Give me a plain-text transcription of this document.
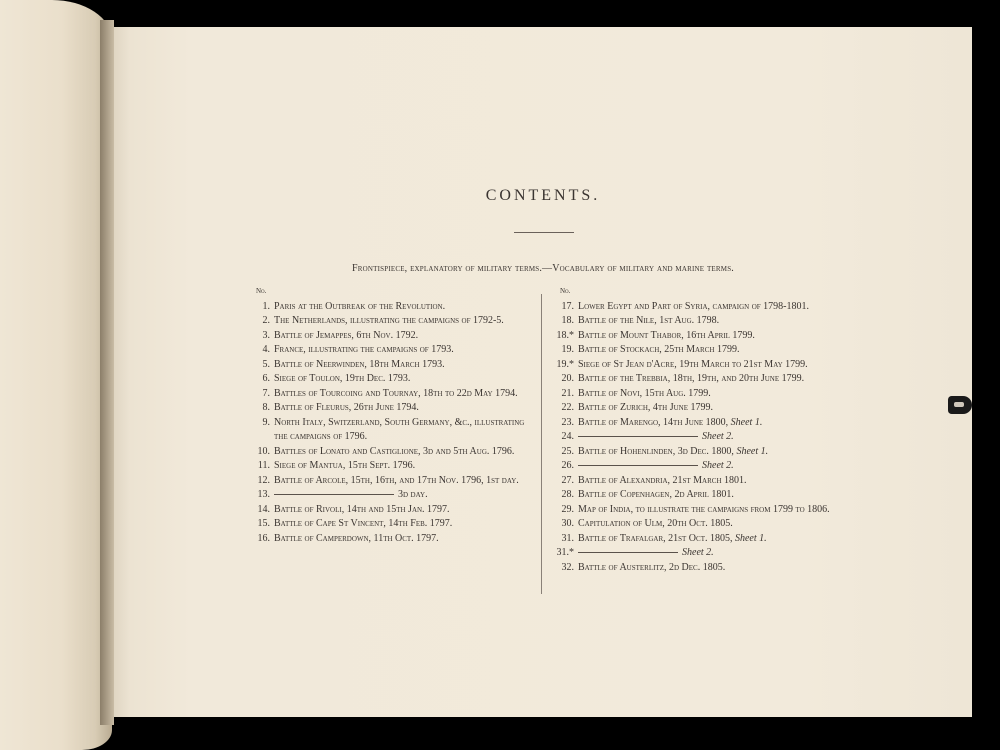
CONTENTS.
Frontispiece, explanatory of military terms.—Vocabulary of military and marine terms.
No.
1. Paris at the Outbreak of the Revolution.
2. The Netherlands, illustrating the campaigns of 1792-5.
3. Battle of Jemappes, 6th Nov. 1792.
4. France, illustrating the campaigns of 1793.
5. Battle of Neerwinden, 18th March 1793.
6. Siege of Toulon, 19th Dec. 1793.
7. Battles of Tourcoing and Tournay, 18th to 22d May 1794.
8. Battle of Fleurus, 26th June 1794.
9. North Italy, Switzerland, South Germany, &c., illustrating the campaigns of 1796.
10. Battles of Lonato and Castiglione, 3d and 5th Aug. 1796.
11. Siege of Mantua, 15th Sept. 1796.
12. Battle of Arcole, 15th, 16th, and 17th Nov. 1796, 1st day.
13.	3d day.
14. Battle of Rivoli, 14th and 15th Jan. 1797.
15. Battle of Cape St Vincent, 14th Feb. 1797.
16. Battle of Camperdown, 11th Oct. 1797.
No.
17. Lower Egypt and Part of Syria, campaign of 1798-1801.
18. Battle of the Nile, 1st Aug. 1798.
18.* Battle of Mount Thabor, 16th April 1799.
19. Battle of Stockach, 25th March 1799.
19.* Siege of St Jean d'Acre, 19th March to 21st May 1799.
20. Battle of the Trebbia, 18th, 19th, and 20th June 1799.
21. Battle of Novi, 15th Aug. 1799.
22. Battle of Zurich, 4th June 1799.
23. Battle of Marengo, 14th June 1800, Sheet 1.
24.	Sheet 2.
25. Battle of Hohenlinden, 3d Dec. 1800, Sheet 1.
26.	Sheet 2.
27. Battle of Alexandria, 21st March 1801.
28. Battle of Copenhagen, 2d April 1801.
29. Map of India, to illustrate the campaigns from 1799 to 1806.
30. Capitulation of Ulm, 20th Oct. 1805.
31. Battle of Trafalgar, 21st Oct. 1805, Sheet 1.
31.*	Sheet 2.
32. Battle of Austerlitz, 2d Dec. 1805.
